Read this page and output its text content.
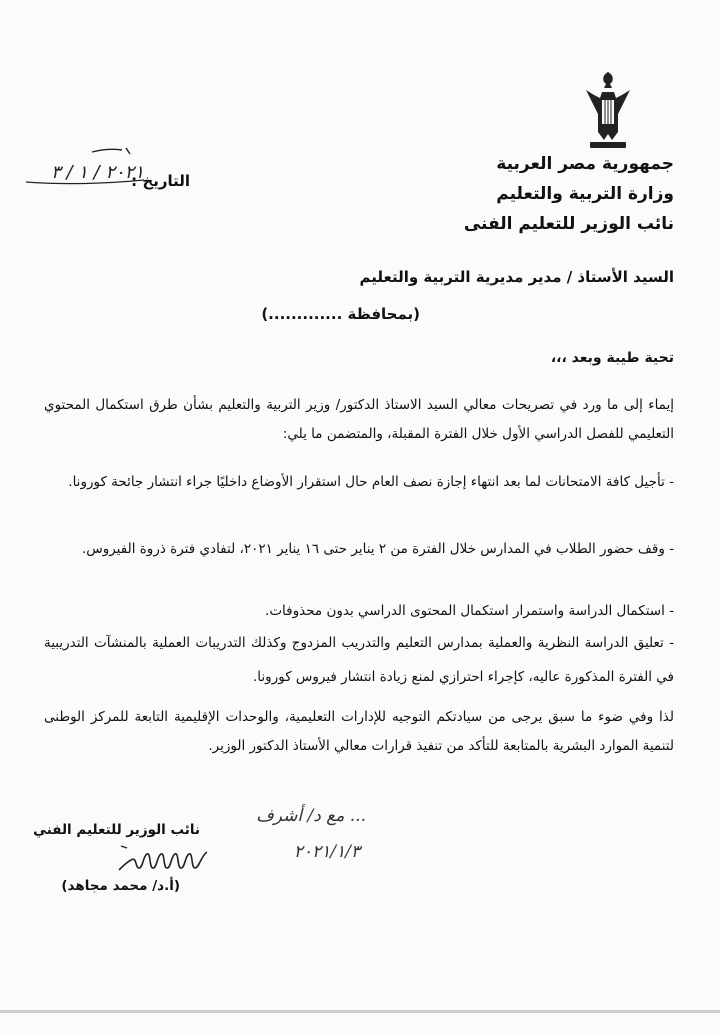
جمهورية مصر العربية
وزارة التربية والتعليم
نائب الوزير للتعليم الفنى
التاريخ :
٢٠٢١ / ١ / ٣
السيد الأستاذ / مدير مديرية التربية والتعليم
(بمحافظة .............)
تحية طيبة وبعد ،،،
إيماء إلى ما ورد في تصريحات معالي السيد الاستاذ الدكتور/ وزير التربية والتعليم بشأن طرق استكمال المحتوي التعليمي للفصل الدراسي الأول خلال الفترة المقبلة، والمتضمن ما يلي:
- تأجيل كافة الامتحانات لما بعد انتهاء إجازة نصف العام حال استقرار الأوضاع داخليًا جراء انتشار جائحة كورونا.
- وقف حضور الطلاب في المدارس خلال الفترة من ٢ يناير حتى ١٦ يناير ٢٠٢١، لتفادي فترة ذروة الفيروس.
- استكمال الدراسة واستمرار استكمال المحتوى الدراسي بدون محذوفات.
- تعليق الدراسة النظرية والعملية بمدارس التعليم والتدريب المزدوج وكذلك التدريبات العملية بالمنشآت التدريبية في الفترة المذكورة عاليه، كإجراء احترازي لمنع زيادة انتشار فيروس كورونا.
لذا وفي ضوء ما سبق يرجى من سيادتكم التوجيه للإدارات التعليمية، والوحدات الإقليمية التابعة للمركز الوطنى لتنمية الموارد البشرية بالمتابعة للتأكد من تنفيذ قرارات معالي الأستاذ الدكتور الوزير.
مع د/ أشرف ...
٢٠٢١/١/٣
نائب الوزير للتعليم الفني
(أ.د/ محمد مجاهد)
